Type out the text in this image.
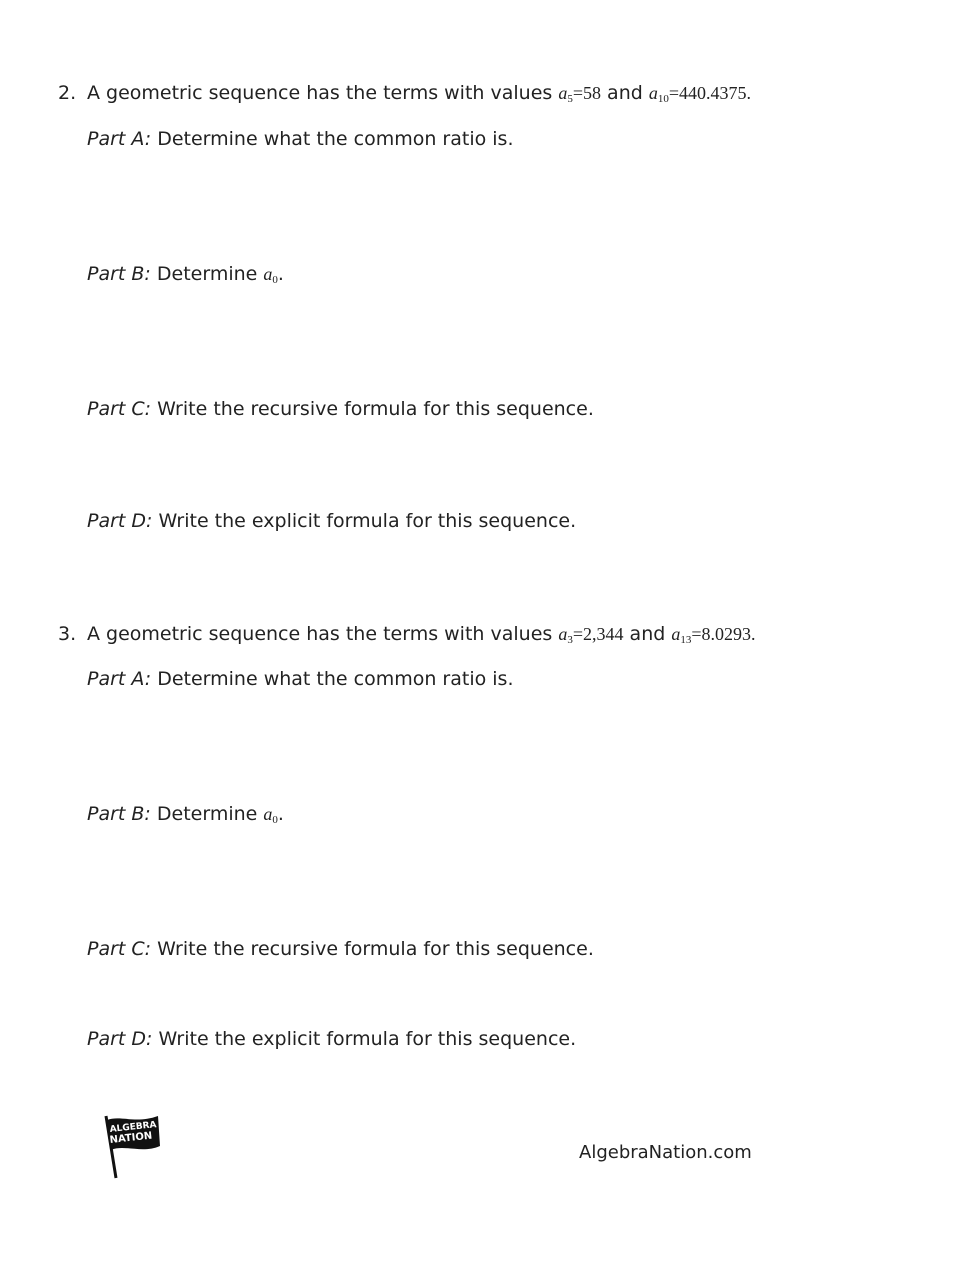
2. A geometric sequence has the terms with values $a_5=58$ and $a_{10}=440.4375$.
Part A: Determine what the common ratio is.
Part B: Determine $a_0$.
Part C: Write the recursive formula for this sequence.
Part D: Write the explicit formula for this sequence.
3. A geometric sequence has the terms with values $a_3=2,344$ and $a_{13}=8.0293$.
Part A: Determine what the common ratio is.
Part B: Determine $a_0$.
Part C: Write the recursive formula for this sequence.
Part D: Write the explicit formula for this sequence.
ALGEBRA
NATION
AlgebraNation.com
